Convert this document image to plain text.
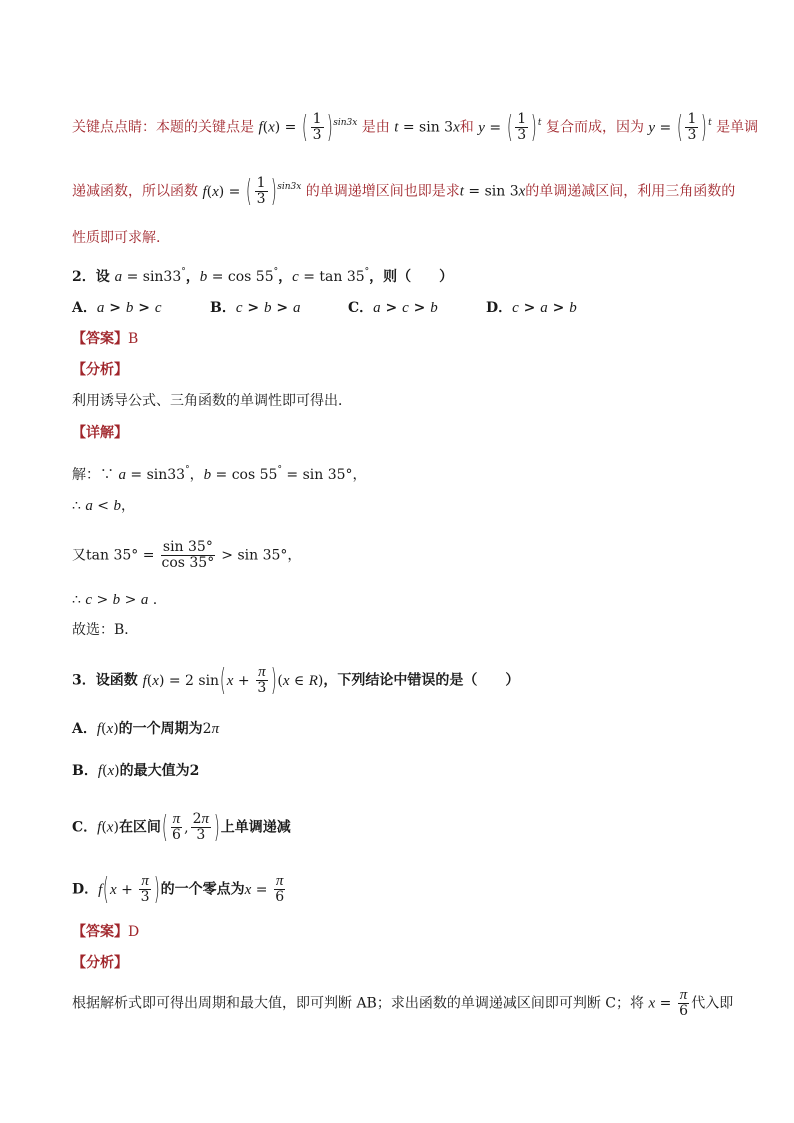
关键点点睛：本题的关键点是 f(x) = ( $\frac{1}{3} )^{sin3x}$ 是由 t = sin 3x和 y = ( $\frac{1}{3} )^t$ 复合而成，因为 y = ( $\frac{1}{3} )^t$ 是单调
递减函数，所以函数 f(x) = ( $\frac{1}{3} )^{sin3x}$ 的单调递增区间也即是求t = sin 3x的单调递减区间，利用三角函数的
性质即可求解.
2．设 a = sin33°，b = cos 55°，c = tan 35°，则（　　）
A．a > b > c	B．c > b > a	C．a > c > b	D．c > a > b
【答案】B
【分析】
利用诱导公式、三角函数的单调性即可得出．
【详解】
解：∵ a = sin33°，b = cos 55° = sin 35°，
∴ a < b，
又$\tan 35^\circ = \frac{\sin 35^\circ}{\cos 35^\circ} > \sin 35^\circ$，
∴ c > b > a .
故选：B．
3．设函数 f(x) = 2 $\sin(x + \frac{\pi}{3} )(x$ ∈ R)，下列结论中错误的是（　　）
A．f(x)的一个周期为2π
B．f(x)的最大值为2
C．f(x)在区间( $\frac{\pi}{6}$ , $\frac{2\pi}{3}$ )上单调递减
D．$f(x + \frac{\pi}{3}$ )的一个零点为$x = \frac{\pi}{6}$
【答案】D
【分析】
根据解析式即可得出周期和最大值，即可判断 AB；求出函数的单调递减区间即可判断 C；将 $x = \frac{\pi}{6}$ 代入即
